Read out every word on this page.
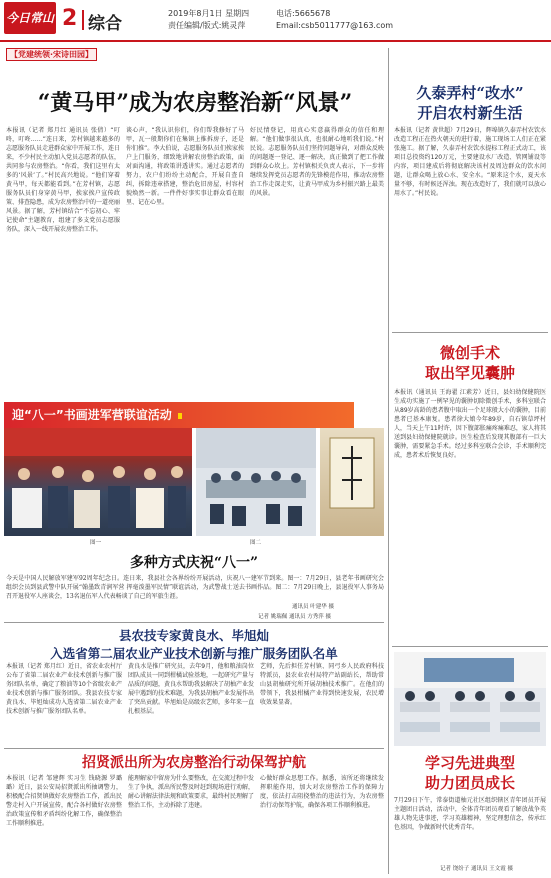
今日常山 2 综合
2019年8月1日 星期四
责任编辑/版式:姚灵萍
电话:5665678
Email:csb5011777@163.com
【党建统领·宋诗田园】
“黄马甲”成为农房整治新“风景”
本报讯（记者 郑月红 通讯员 张倩）“叮咚，叮咚……”连日来，芳村镇越来越多的志愿服务队员走进群众家中开展工作，连日来，不少村民主动加入党员志愿者的队伍，共同参与农房整治。“你看，我们这里有太多的‘风景’了。”村民高兴地说。“他们穿着黄马甲，每天都能看到。”在芳村镇，志愿服务队员们身穿黄马甲，挨家挨户宣传政策、排查隐患，成为农房整治中的一道亮丽风景。据了解，芳村镇结合“不忘初心、牢记使命”主题教育，组建了多支党员志愿服务队，深入一线开展农房整治工作。
谈心声，“我认识你们，你们帮我修好了马甲，瓦一般期你们在集镇上推拆房子，还是你们推”。李大伯说，志愿服务队员们挨家挨户上门服务，细致地讲解农房整治政策，面对面沟通，将政策讲透讲实。通过志愿者的努力，农户们纷纷主动配合，开展自查自纠，拆除违章搭建，整治危旧房屋，村容村貌焕然一新。一件件好事实事让群众看在眼里、记在心里。
好民情登记，用真心实意赢得群众的信任和理解。“他们做事很认真，也很耐心地听我们说。”村民说。志愿服务队员们坚持问题导向，对群众反映的问题逐一登记、逐一解决，真正做到了把工作做到群众心坎上。芳村镇相关负责人表示，下一步将继续发挥党员志愿者的先锋模范作用，推动农房整治工作走深走实，让黄马甲成为乡村振兴路上最美的风景。
迎“八一”书画进军营联谊活动
图一	图二
多种方式庆祝“八一”
今天是中国人民解放军建军92周年纪念日。连日来，我县社会各界纷纷开展活动，庆祝八一建军节到来。图一：7月29日，县老年书画研究会组织会员到县武警中队开展“翰墨致青润军营 挥毫泼墨军民情”联谊活动，为武警战士送去书画作品。图二：7月29日晚上，县退役军人事务局召开退役军人座谈会，13名退伍军人代表畅谈了自己的军旅生涯。
通讯员 叶建华 摄
记者 姚瑞佩 通讯员 方秀萍 摄
县农技专家黄良水、毕旭灿
入选省第二届农业产业技术创新与推广服务团队名单
本报讯（记者 郑月红）近日，省农业农村厅公布了省第二届农业产业技术创新与推广服务团队名单，确定了粮油等10个省级农业产业技术创新与推广服务团队。我县农技专家黄良水、毕旭灿成功入选省第二届农业产业技术创新与推广服务团队名单。
黄良水是推广研究员，去年9月，他和粮油岗位团队成员一同到柑橘试验基地，一起研究产量与品质的问题，黄良水帮助我县解决了胡柚产业发展中遇到的技术难题，为我县胡柚产业发展作出了突出贡献。毕旭灿是高级农艺师，多年来一直扎根基层。
艺师，先后担任芳村镇、同弓乡人民政府科技特派员，县农业农村局特产站副站长，帮助常山县胡柚研究所开展胡柚技术推广。在他们的带领下，我县柑橘产业得到快速发展，农民增收效果显著。
招贤派出所为农房整治行动保驾护航
本报讯（记者 邹建辉 实习生 钱晓源 罗璐璐）近日，县公安局招贤派出所抽调警力，积极配合招贤镇做好农房整治工作，派出民警走村入户开展宣传，配合各村做好农房整治政策宣传和矛盾纠纷化解工作，确保整治工作顺利推进。
能理解家中留房为什么要整改，在交流过程中发生了争执，派出所民警及时赶到现场进行劝解，耐心讲解法律法规和政策要求，最终村民理解了整治工作，主动拆除了违建。
心做好群众思想工作。据悉，该所还将继续发挥职能作用，加大对农房整治工作的保障力度，依法打击阻挠整治的违法行为，为农房整治行动保驾护航，确保各项工作顺利推进。
久泰弄村“改水”
开启农村新生活
本报讯（记者 黄世超）7月29日，辉埠镇久泰弄村农饮水改造工程正在热火朝天的进行着，施工现场工人们正在紧张施工。据了解，久泰弄村农饮水提标工程正式动工，该项目总投资约120万元，主要建设水厂改造、管网铺设等内容，项目建成后将彻底解决该村及周边群众的饮水问题，让群众喝上放心水、安全水。“原来这个水，夏天水量不够，有时候还浑浊。现在改造好了，我们就可以放心用水了。”村民说。
微创手术
取出罕见囊肿
本报讯（通讯员 王海翟 江素芳）近日，县妇幼保健院医生成功实施了一例罕见的囊肿切除微创手术，多科室联合从89岁高龄的患者腹中取出一个足球般大小的囊肿，目前患者已基本康复。患者徐大娘今年89岁，自石镇草坪村人，当天上午11时许，因下腹部胀痛疼痛难忍，家人将其送到县妇幼保健院就诊。医生检查后发现其腹部有一巨大囊肿，需要紧急手术。经过多科室联合会诊，手术顺利完成，患者术后恢复良好。
学习先进典型
助力团员成长
7月29日下午，常泰街道柚元社区组织辖区青年团员开展主题团日活动，活动中，全体青年团员观看了解放战争英雄人物先进事迹，学习英雄精神，坚定理想信念，传承红色基因，争做新时代优秀青年。
记者 饶纷子 通讯员 王文霞 摄
